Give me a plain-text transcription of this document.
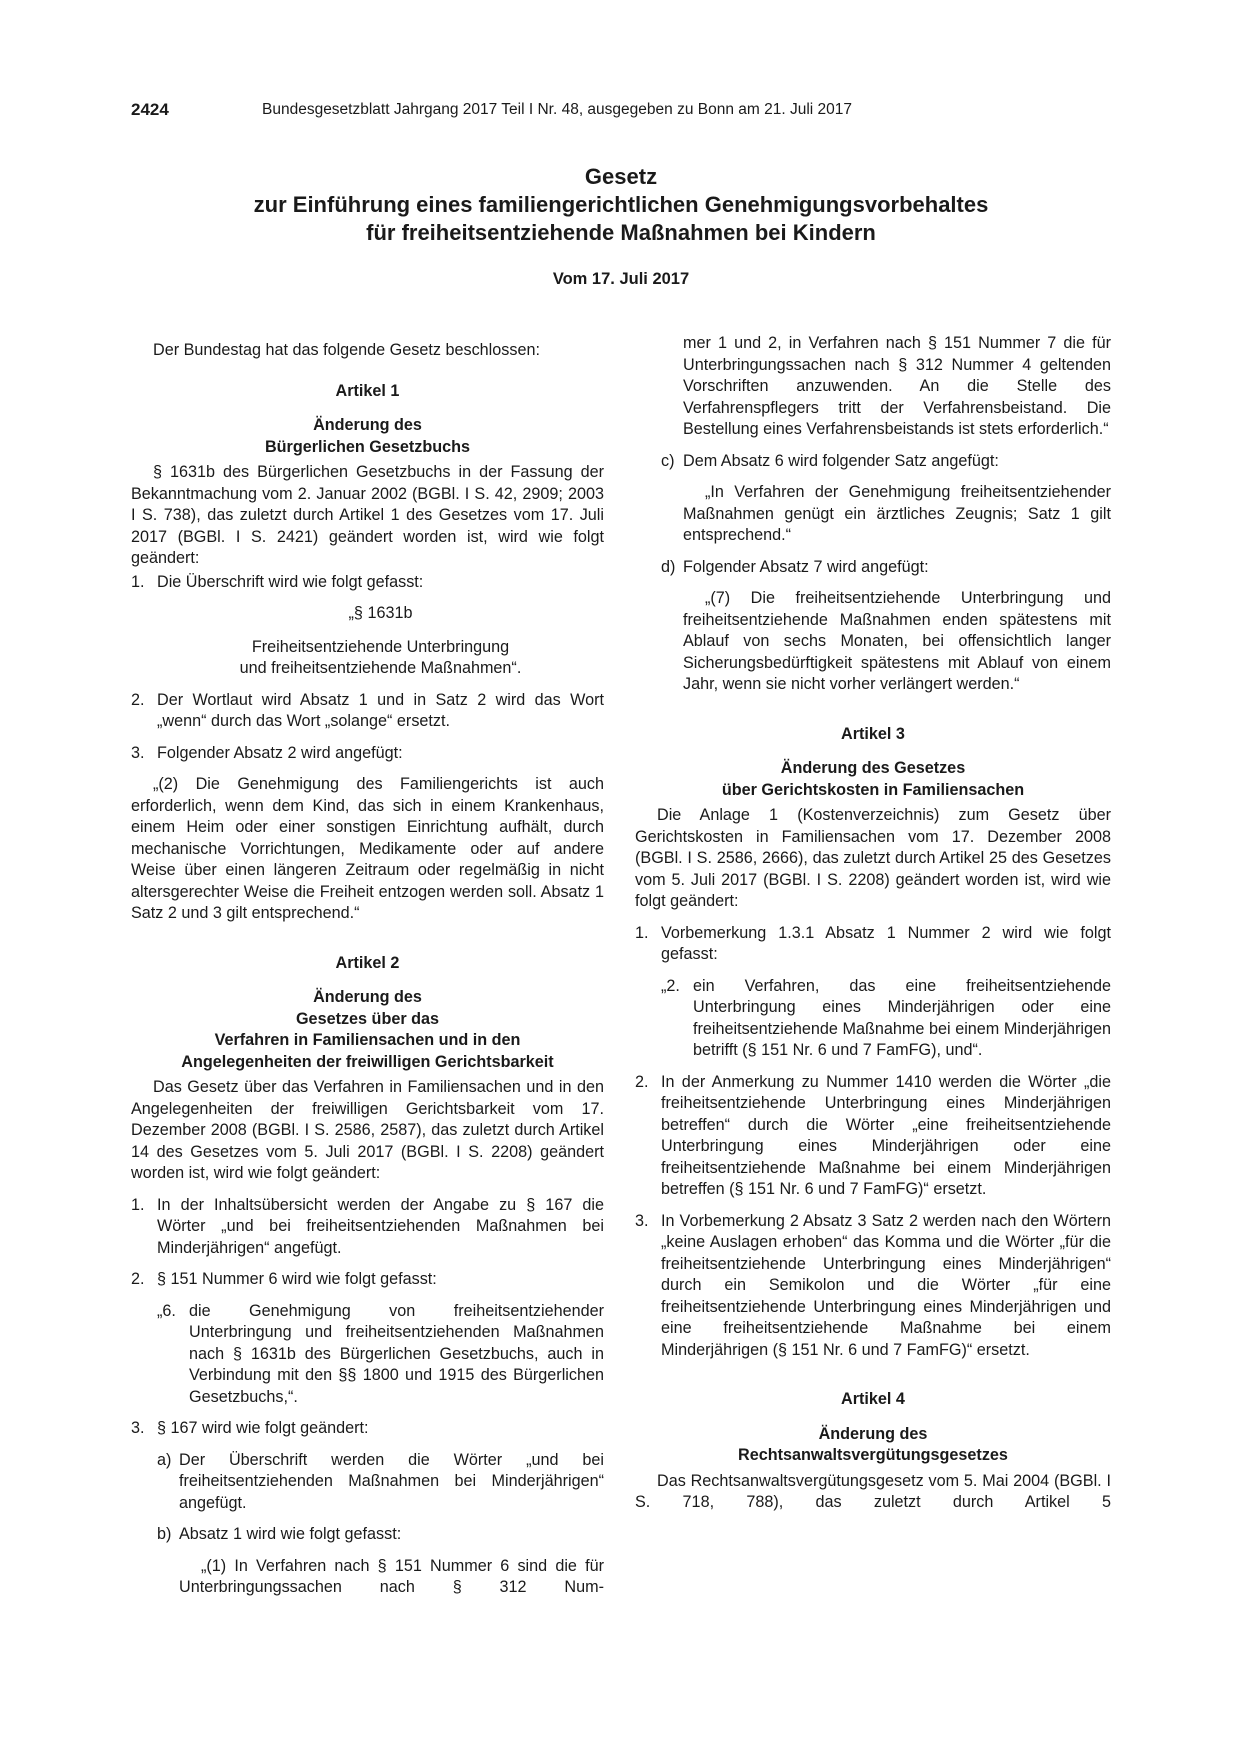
2424	Bundesgesetzblatt Jahrgang 2017 Teil I Nr. 48, ausgegeben zu Bonn am 21. Juli 2017
Gesetz
zur Einführung eines familiengerichtlichen Genehmigungsvorbehaltes
für freiheitsentziehende Maßnahmen bei Kindern
Vom 17. Juli 2017

Der Bundestag hat das folgende Gesetz beschlossen:

Artikel 1

Änderung des
Bürgerlichen Gesetzbuchs

§ 1631b des Bürgerlichen Gesetzbuchs in der Fassung der Bekanntmachung vom 2. Januar 2002 (BGBl. I S. 42, 2909; 2003 I S. 738), das zuletzt durch Artikel 1 des Gesetzes vom 17. Juli 2017 (BGBl. I S. 2421) geändert worden ist, wird wie folgt geändert:

1. Die Überschrift wird wie folgt gefasst:

„§ 1631b

Freiheitsentziehende Unterbringung

und freiheitsentziehende Maßnahmen“.

2. Der Wortlaut wird Absatz 1 und in Satz 2 wird das Wort „wenn“ durch das Wort „solange“ ersetzt.
3. Folgender Absatz 2 wird angefügt:

„(2) Die Genehmigung des Familiengerichts ist auch erforderlich, wenn dem Kind, das sich in einem Krankenhaus, einem Heim oder einer sonstigen Einrichtung aufhält, durch mechanische Vorrichtungen, Medikamente oder auf andere Weise über einen längeren Zeitraum oder regelmäßig in nicht altersgerechter Weise die Freiheit entzogen werden soll. Absatz 1 Satz 2 und 3 gilt entsprechend.“

Artikel 2

Änderung des
Gesetzes über das
Verfahren in Familiensachen und in den
Angelegenheiten der freiwilligen Gerichtsbarkeit

Das Gesetz über das Verfahren in Familiensachen und in den Angelegenheiten der freiwilligen Gerichtsbarkeit vom 17. Dezember 2008 (BGBl. I S. 2586, 2587), das zuletzt durch Artikel 14 des Gesetzes vom 5. Juli 2017 (BGBl. I S. 2208) geändert worden ist, wird wie folgt geändert:

1. In der Inhaltsübersicht werden der Angabe zu § 167 die Wörter „und bei freiheitsentziehenden Maßnahmen bei Minderjährigen“ angefügt.
2. § 151 Nummer 6 wird wie folgt gefasst:
„6. die Genehmigung von freiheitsentziehender Unterbringung und freiheitsentziehenden Maßnahmen nach § 1631b des Bürgerlichen Gesetzbuchs, auch in Verbindung mit den §§ 1800 und 1915 des Bürgerlichen Gesetzbuchs,“.
3. § 167 wird wie folgt geändert:
a) Der Überschrift werden die Wörter „und bei freiheitsentziehenden Maßnahmen bei Minderjährigen“ angefügt.
b) Absatz 1 wird wie folgt gefasst:

„(1) In Verfahren nach § 151 Nummer 6 sind die für Unterbringungssachen nach § 312 Num-

mer 1 und 2, in Verfahren nach § 151 Nummer 7 die für Unterbringungssachen nach § 312 Nummer 4 geltenden Vorschriften anzuwenden. An die Stelle des Verfahrenspflegers tritt der Verfahrensbeistand. Die Bestellung eines Verfahrensbeistands ist stets erforderlich.“

c) Dem Absatz 6 wird folgender Satz angefügt:

„In Verfahren der Genehmigung freiheitsentziehender Maßnahmen genügt ein ärztliches Zeugnis; Satz 1 gilt entsprechend.“

d) Folgender Absatz 7 wird angefügt:

„(7) Die freiheitsentziehende Unterbringung und freiheitsentziehende Maßnahmen enden spätestens mit Ablauf von sechs Monaten, bei offensichtlich langer Sicherungsbedürftigkeit spätestens mit Ablauf von einem Jahr, wenn sie nicht vorher verlängert werden.“

Artikel 3

Änderung des Gesetzes
über Gerichtskosten in Familiensachen

Die Anlage 1 (Kostenverzeichnis) zum Gesetz über Gerichtskosten in Familiensachen vom 17. Dezember 2008 (BGBl. I S. 2586, 2666), das zuletzt durch Artikel 25 des Gesetzes vom 5. Juli 2017 (BGBl. I S. 2208) geändert worden ist, wird wie folgt geändert:

1. Vorbemerkung 1.3.1 Absatz 1 Nummer 2 wird wie folgt gefasst:
„2. ein Verfahren, das eine freiheitsentziehende Unterbringung eines Minderjährigen oder eine freiheitsentziehende Maßnahme bei einem Minderjährigen betrifft (§ 151 Nr. 6 und 7 FamFG), und“.
2. In der Anmerkung zu Nummer 1410 werden die Wörter „die freiheitsentziehende Unterbringung eines Minderjährigen betreffen“ durch die Wörter „eine freiheitsentziehende Unterbringung eines Minderjährigen oder eine freiheitsentziehende Maßnahme bei einem Minderjährigen betreffen (§ 151 Nr. 6 und 7 FamFG)“ ersetzt.
3. In Vorbemerkung 2 Absatz 3 Satz 2 werden nach den Wörtern „keine Auslagen erhoben“ das Komma und die Wörter „für die freiheitsentziehende Unterbringung eines Minderjährigen“ durch ein Semikolon und die Wörter „für eine freiheitsentziehende Unterbringung eines Minderjährigen und eine freiheitsentziehende Maßnahme bei einem Minderjährigen (§ 151 Nr. 6 und 7 FamFG)“ ersetzt.

Artikel 4

Änderung des
Rechtsanwaltsvergütungsgesetzes

Das Rechtsanwaltsvergütungsgesetz vom 5. Mai 2004 (BGBl. I S. 718, 788), das zuletzt durch Artikel 5
